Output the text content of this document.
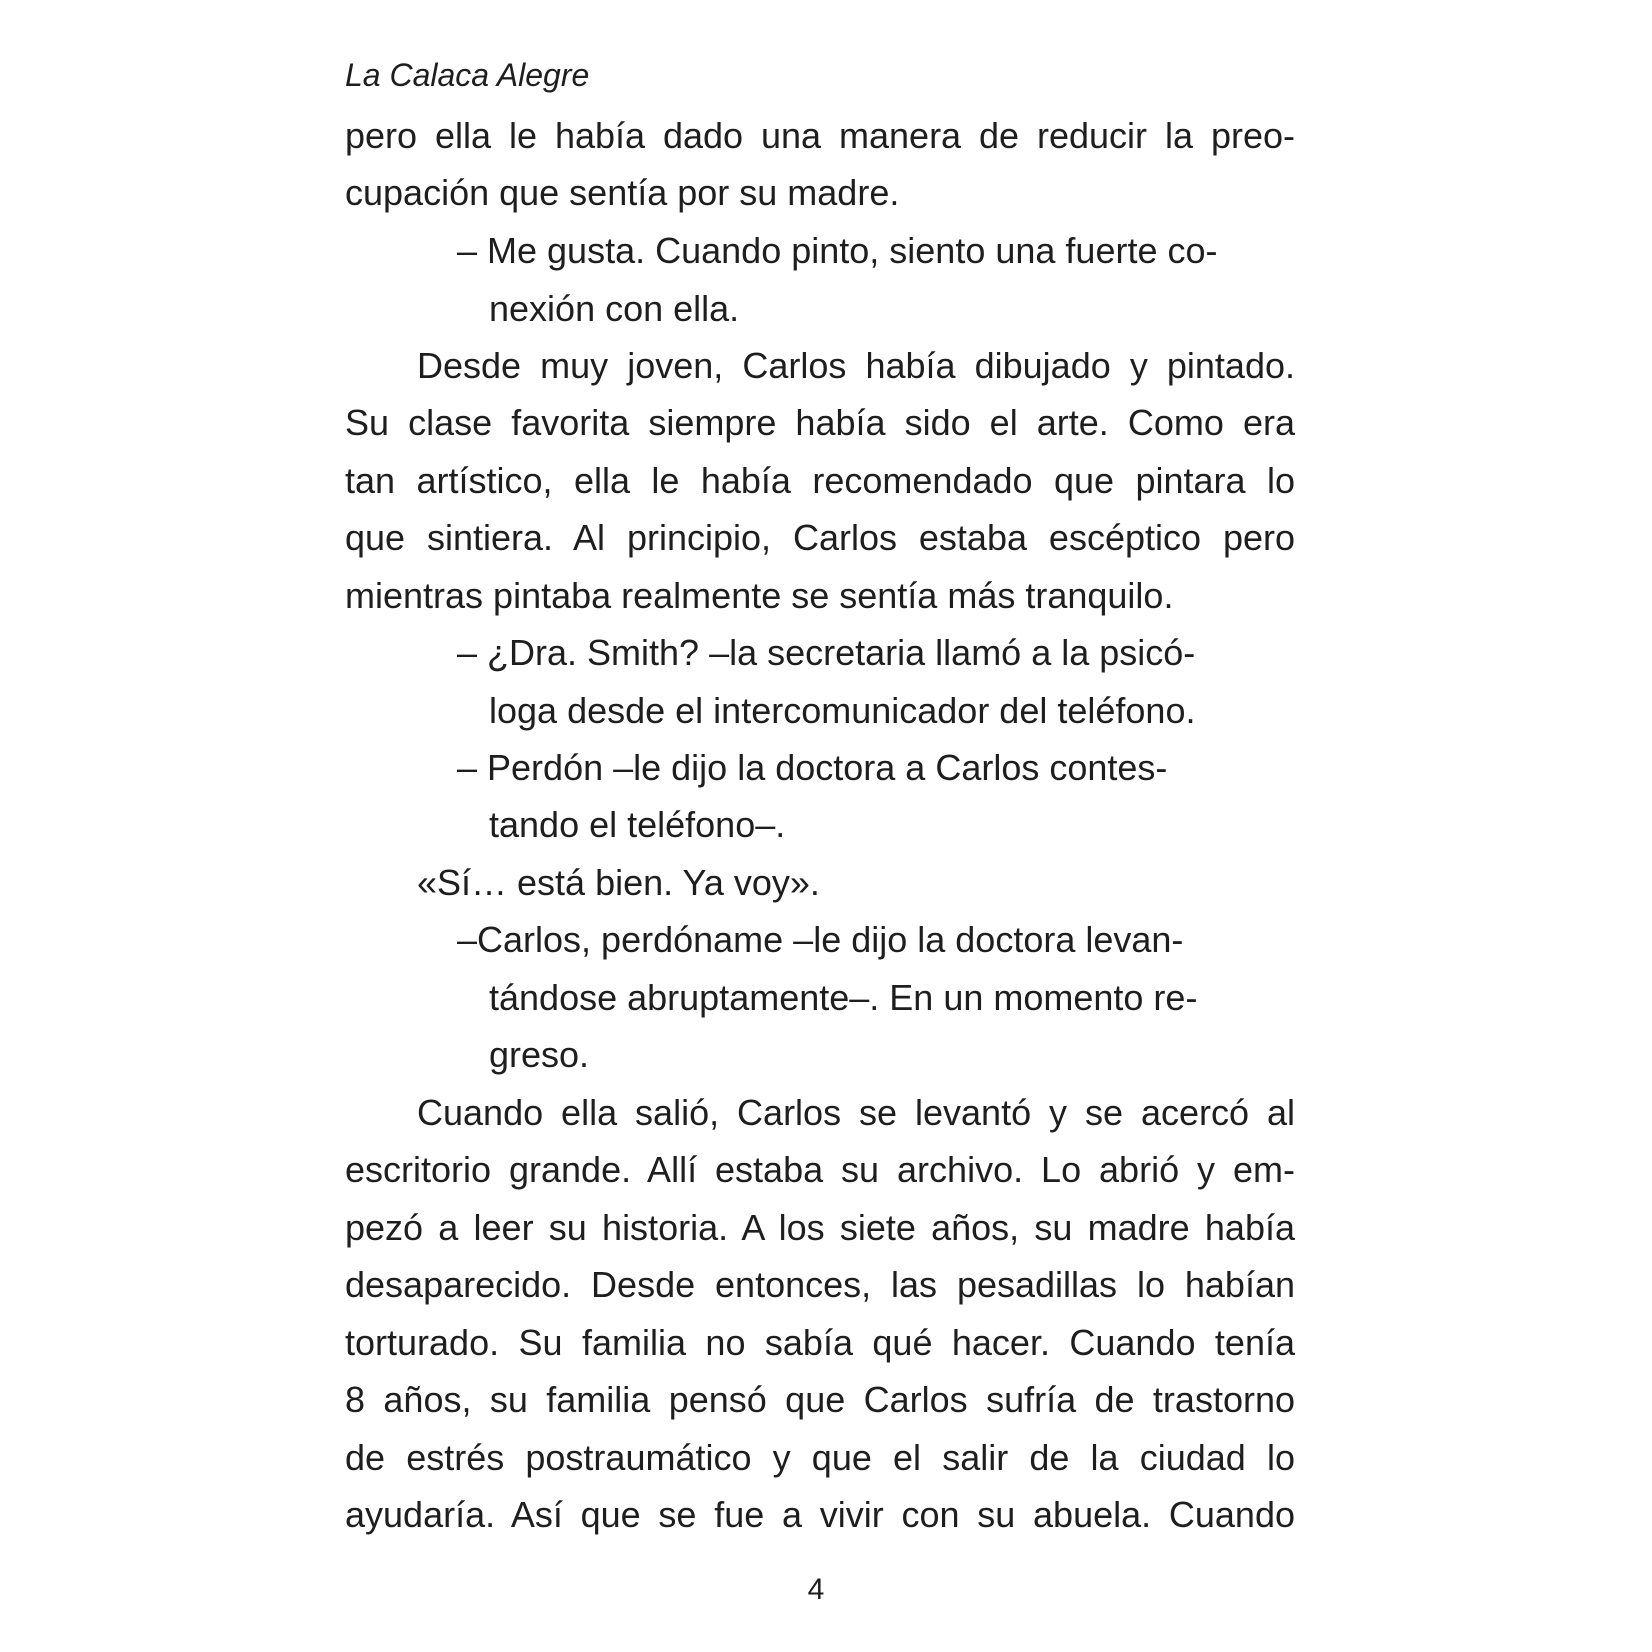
La Calaca Alegre
pero ella le había dado una manera de reducir la preo-
cupación que sentía por su madre.
– Me gusta. Cuando pinto, siento una fuerte co-
nexión con ella.
Desde muy joven, Carlos había dibujado y pintado.
Su clase favorita siempre había sido el arte. Como era
tan artístico, ella le había recomendado que pintara lo
que sintiera. Al principio, Carlos estaba escéptico pero
mientras pintaba realmente se sentía más tranquilo.
– ¿Dra. Smith? –la secretaria llamó a la psicó-
loga desde el intercomunicador del teléfono.
– Perdón –le dijo la doctora a Carlos contes-
tando el teléfono–.
«Sí… está bien. Ya voy».
–Carlos, perdóname –le dijo la doctora levan-
tándose abruptamente–. En un momento re-
greso.
Cuando ella salió, Carlos se levantó y se acercó al
escritorio grande. Allí estaba su archivo. Lo abrió y em-
pezó a leer su historia. A los siete años, su madre había
desaparecido. Desde entonces, las pesadillas lo habían
torturado. Su familia no sabía qué hacer. Cuando tenía
8 años, su familia pensó que Carlos sufría de trastorno
de estrés postraumático y que el salir de la ciudad lo
ayudaría. Así que se fue a vivir con su abuela. Cuando
4
